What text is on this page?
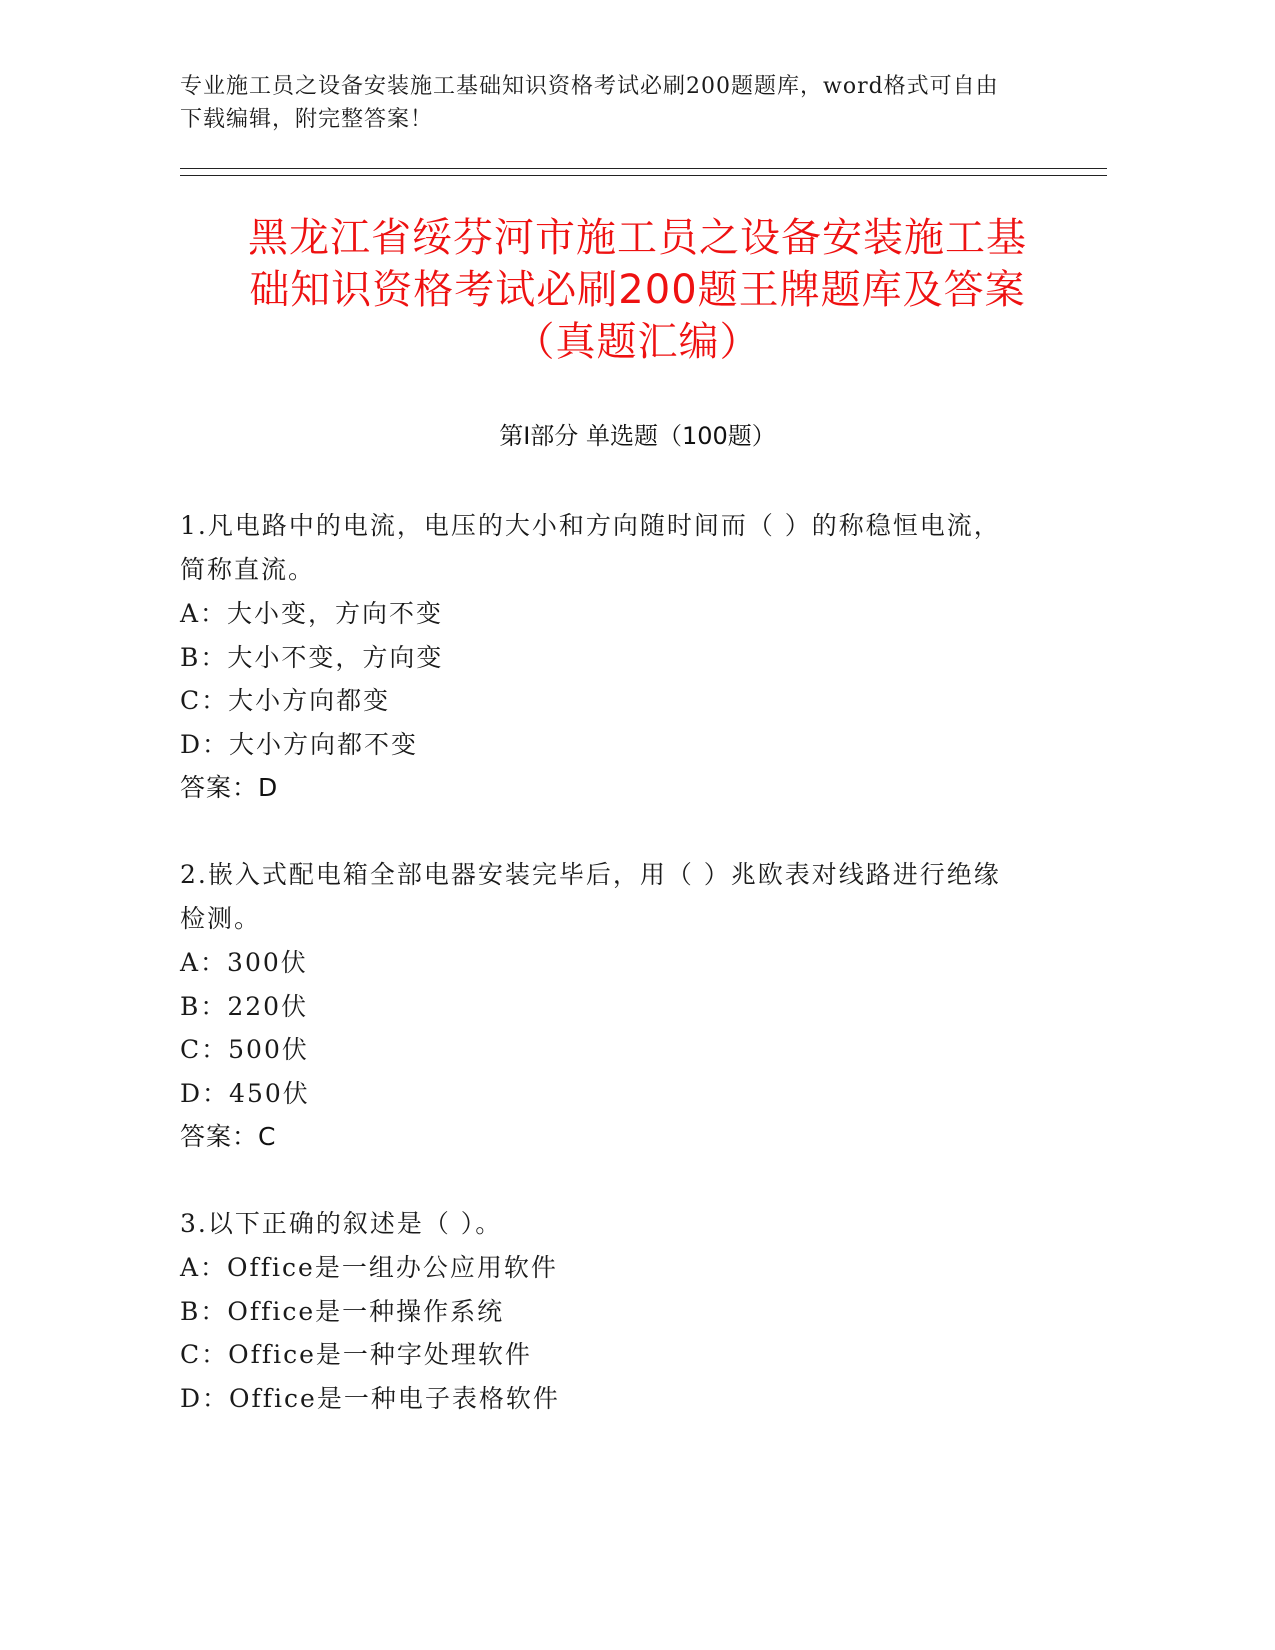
专业施工员之设备安装施工基础知识资格考试必刷200题题库，word格式可自由
下载编辑，附完整答案！
黑龙江省绥芬河市施工员之设备安装施工基
础知识资格考试必刷200题王牌题库及答案
（真题汇编）
第Ⅰ部分 单选题（100题）

1.凡电路中的电流，电压的大小和方向随时间而（ ）的称稳恒电流，

简称直流。

A：大小变，方向不变

B：大小不变，方向变

C：大小方向都变

D：大小方向都不变

答案：D

2.嵌入式配电箱全部电器安装完毕后，用（ ）兆欧表对线路进行绝缘

检测。

A：300伏

B：220伏

C：500伏

D：450伏

答案：C

3.以下正确的叙述是（ ）。

A：Office是一组办公应用软件

B：Office是一种操作系统

C：Office是一种字处理软件

D：Office是一种电子表格软件
